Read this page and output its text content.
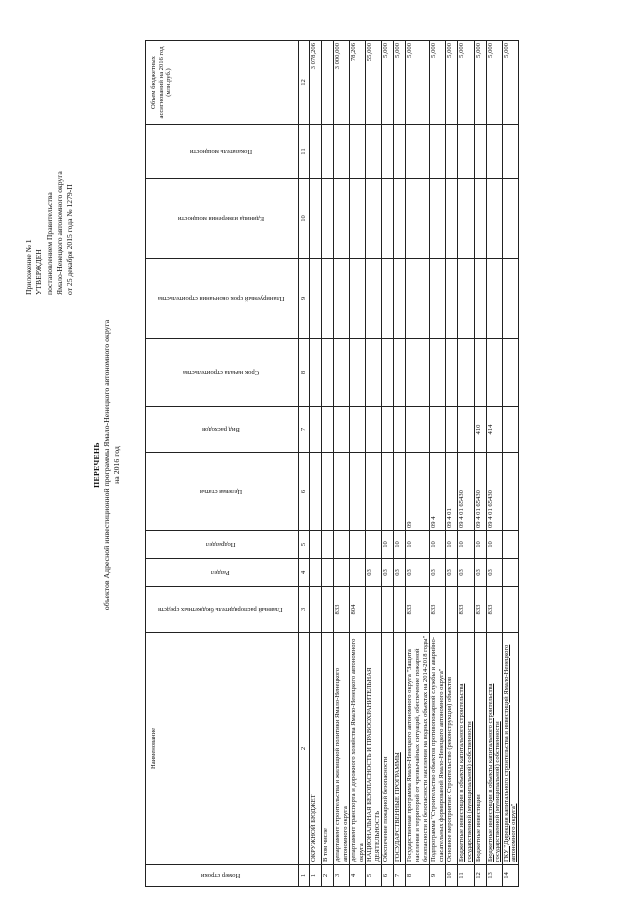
Приложение № 1 УТВЕРЖДЕН постановлением Правительства Ямало-Ненецкого автономного округа от 25 декабря 2015 года № 1279-П
ПЕРЕЧЕНЬ объектов Адресной инвестиционной программы Ямало-Ненецкого автономного округа на 2016 год
Номер строки	Наименование	Главный распорядитель бюджетных средств	Раздел	Подраздел	Целевая статья	Вид расходов	Срок начала строительства	Планируемый срок окончания строительства	Единица измерения мощности	Показатель мощности	Объем бюджетных ассигнований на 2016 год (млн.руб.)
1	2	3	4	5	6	7	8	9	10	11	12
1	ОКРУЖНОЙ БЮДЖЕТ										3 078,206
2	В том числе										
3	департамент строительства и жилищной политики Ямало-Ненецкого автономного округа	833									3 000,000
4	департамент транспорта и дорожного хозяйства Ямало-Ненецкого автономного округа	804									78,206
5	НАЦИОНАЛЬНАЯ БЕЗОПАСНОСТЬ И ПРАВООХРАНИТЕЛЬНАЯ ДЕЯТЕЛЬНОСТЬ		03								55,000
6	Обеспечение пожарной безопасности		03	10							5,000
7	ГОСУДАРСТВЕННЫЕ ПРОГРАММЫ		03	10							5,000
8	Государственная программа Ямало-Ненецкого автономного округа "Защита населения и территорий от чрезвычайных ситуаций, обеспечение пожарной безопасности и безопасности населения на водных объектах на 2014-2018 годы"	833	03	10	09						5,000
9	Подпрограмма "Строительство объектов противопожарной службы и аварийно-спасательных формирований Ямало-Ненецкого автономного округа"	833	03	10	09 4						5,000
10	Основное мероприятие: Строительство (реконструкция) объектов		03	10	09 4 01						5,000
11	Бюджетные инвестиции в объекты капитального строительства государственной (муниципальной) собственности	833	03	10	09 4 01 65430						5,000
12	Бюджетные инвестиции	833	03	10	09 4 01 65430	410					5,000
13	Бюджетные инвестиции в объекты капитального строительства государственной (муниципальной) собственности	833	03	10	09 4 01 65430	414					5,000
14	ГКУ "Дирекция капитального строительства и инвестиций Ямало-Ненецкого автономного округа"										5,000
